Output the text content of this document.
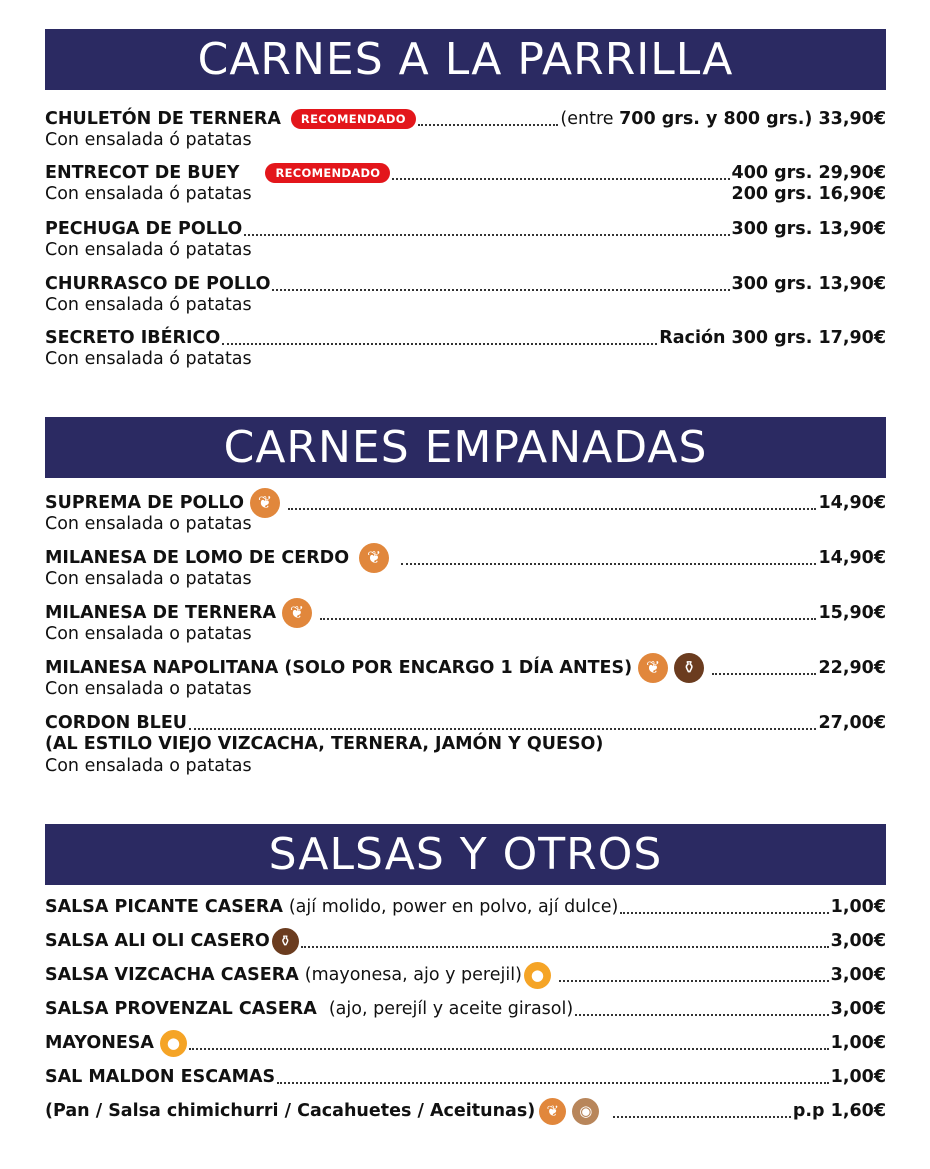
CARNES A LA PARRILLA
CHULETÓN DE TERNERA	RECOMENDADO	(entre 700 grs. y 800 grs.) 33,90€
Con ensalada ó patatas
ENTRECOT DE BUEY	RECOMENDADO	400 grs. 29,90€
Con ensalada ó patatas	200 grs. 16,90€
PECHUGA DE POLLO	300 grs. 13,90€
Con ensalada ó patatas
CHURRASCO DE POLLO	300 grs. 13,90€
Con ensalada ó patatas
SECRETO IBÉRICO	Ración 300 grs. 17,90€
Con ensalada ó patatas
CARNES EMPANADAS
SUPREMA DE POLLO ❦	14,90€
Con ensalada o patatas
MILANESA DE LOMO DE CERDO	❦	14,90€
Con ensalada o patatas
MILANESA DE TERNERA ❦	15,90€
Con ensalada o patatas
MILANESA NAPOLITANA (SOLO POR ENCARGO 1 DÍA ANTES) ❦	⚱	22,90€
Con ensalada o patatas
CORDON BLEU	27,00€
(AL ESTILO VIEJO VIZCACHA, TERNERA, JAMÓN Y QUESO)
Con ensalada o patatas
SALSAS Y OTROS
SALSA PICANTE CASERA (ají molido, power en polvo, ají dulce)	1,00€
SALSA ALI OLI CASERO ⚱	3,00€
SALSA VIZCACHA CASERA (mayonesa, ajo y perejil) ●	3,00€
SALSA PROVENZAL CASERA (ajo, perejíl y aceite girasol)	3,00€
MAYONESA ●	1,00€
SAL MALDON ESCAMAS	1,00€
(Pan / Salsa chimichurri / Cacahuetes / Aceitunas) ❦	◉	p.p 1,60€
